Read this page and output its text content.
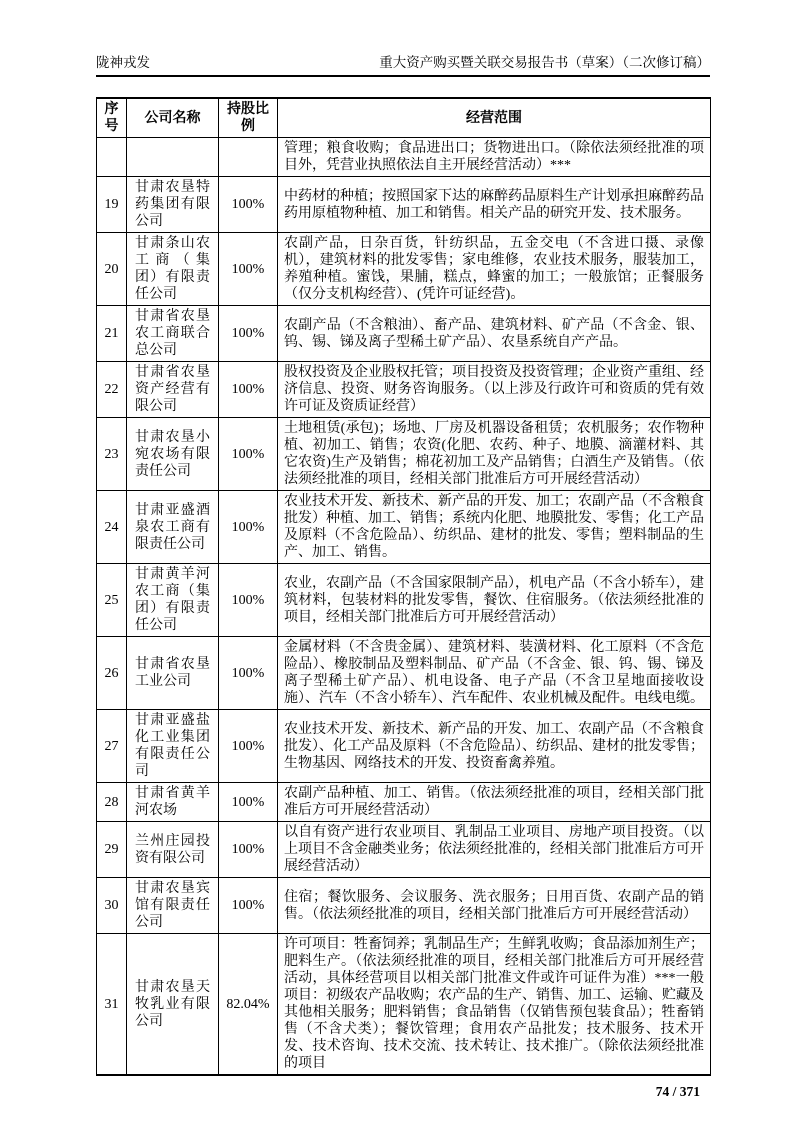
陇神戎发	重大资产购买暨关联交易报告书（草案）（二次修订稿）
序号	公司名称	持股比例	经营范围
			管理；粮食收购；食品进出口；货物进出口。（除依法须经批准的项目外，凭营业执照依法自主开展经营活动）***
19	甘肃农垦特药集团有限公司	100%	中药材的种植；按照国家下达的麻醉药品原料生产计划承担麻醉药品药用原植物种植、加工和销售。相关产品的研究开发、技术服务。
20	甘肃条山农工商（集团）有限责任公司	100%	农副产品，日杂百货，针纺织品，五金交电（不含进口摄、录像机），建筑材料的批发零售；家电维修，农业技术服务，服装加工，养殖种植。蜜饯，果脯，糕点，蜂蜜的加工；一般旅馆；正餐服务（仅分支机构经营）、(凭许可证经营)。
21	甘肃省农垦农工商联合总公司	100%	农副产品（不含粮油）、畜产品、建筑材料、矿产品（不含金、银、钨、锡、锑及离子型稀土矿产品）、农垦系统自产产品。
22	甘肃省农垦资产经营有限公司	100%	股权投资及企业股权托管；项目投资及投资管理；企业资产重组、经济信息、投资、财务咨询服务。（以上涉及行政许可和资质的凭有效许可证及资质证经营）
23	甘肃农垦小宛农场有限责任公司	100%	土地租赁(承包)；场地、厂房及机器设备租赁；农机服务；农作物种植、初加工、销售；农资(化肥、农药、种子、地膜、滴灌材料、其它农资)生产及销售；棉花初加工及产品销售；白酒生产及销售。（依法须经批准的项目，经相关部门批准后方可开展经营活动）
24	甘肃亚盛酒泉农工商有限责任公司	100%	农业技术开发、新技术、新产品的开发、加工；农副产品（不含粮食批发）种植、加工、销售；系统内化肥、地膜批发、零售；化工产品及原料（不含危险品）、纺织品、建材的批发、零售；塑料制品的生产、加工、销售。
25	甘肃黄羊河农工商（集团）有限责任公司	100%	农业，农副产品（不含国家限制产品），机电产品（不含小轿车），建筑材料，包装材料的批发零售，餐饮、住宿服务。（依法须经批准的项目，经相关部门批准后方可开展经营活动）
26	甘肃省农垦工业公司	100%	金属材料（不含贵金属）、建筑材料、装潢材料、化工原料（不含危险品）、橡胶制品及塑料制品、矿产品（不含金、银、钨、锡、锑及离子型稀土矿产品）、机电设备、电子产品（不含卫星地面接收设施）、汽车（不含小轿车）、汽车配件、农业机械及配件。电线电缆。
27	甘肃亚盛盐化工业集团有限责任公司	100%	农业技术开发、新技术、新产品的开发、加工、农副产品（不含粮食批发）、化工产品及原料（不含危险品）、纺织品、建材的批发零售；生物基因、网络技术的开发、投资畜禽养殖。
28	甘肃省黄羊河农场	100%	农副产品种植、加工、销售。（依法须经批准的项目，经相关部门批准后方可开展经营活动）
29	兰州庄园投资有限公司	100%	以自有资产进行农业项目、乳制品工业项目、房地产项目投资。（以上项目不含金融类业务；依法须经批准的，经相关部门批准后方可开展经营活动）
30	甘肃农垦宾馆有限责任公司	100%	住宿；餐饮服务、会议服务、洗衣服务；日用百货、农副产品的销售。（依法须经批准的项目，经相关部门批准后方可开展经营活动）
31	甘肃农垦天牧乳业有限公司	82.04%	许可项目：牲畜饲养；乳制品生产；生鲜乳收购；食品添加剂生产；肥料生产。（依法须经批准的项目，经相关部门批准后方可开展经营活动，具体经营项目以相关部门批准文件或许可证件为准）***一般项目：初级农产品收购；农产品的生产、销售、加工、运输、贮藏及其他相关服务；肥料销售；食品销售（仅销售预包装食品）；牲畜销售（不含犬类）；餐饮管理；食用农产品批发；技术服务、技术开发、技术咨询、技术交流、技术转让、技术推广。（除依法须经批准的项目
74 / 371
